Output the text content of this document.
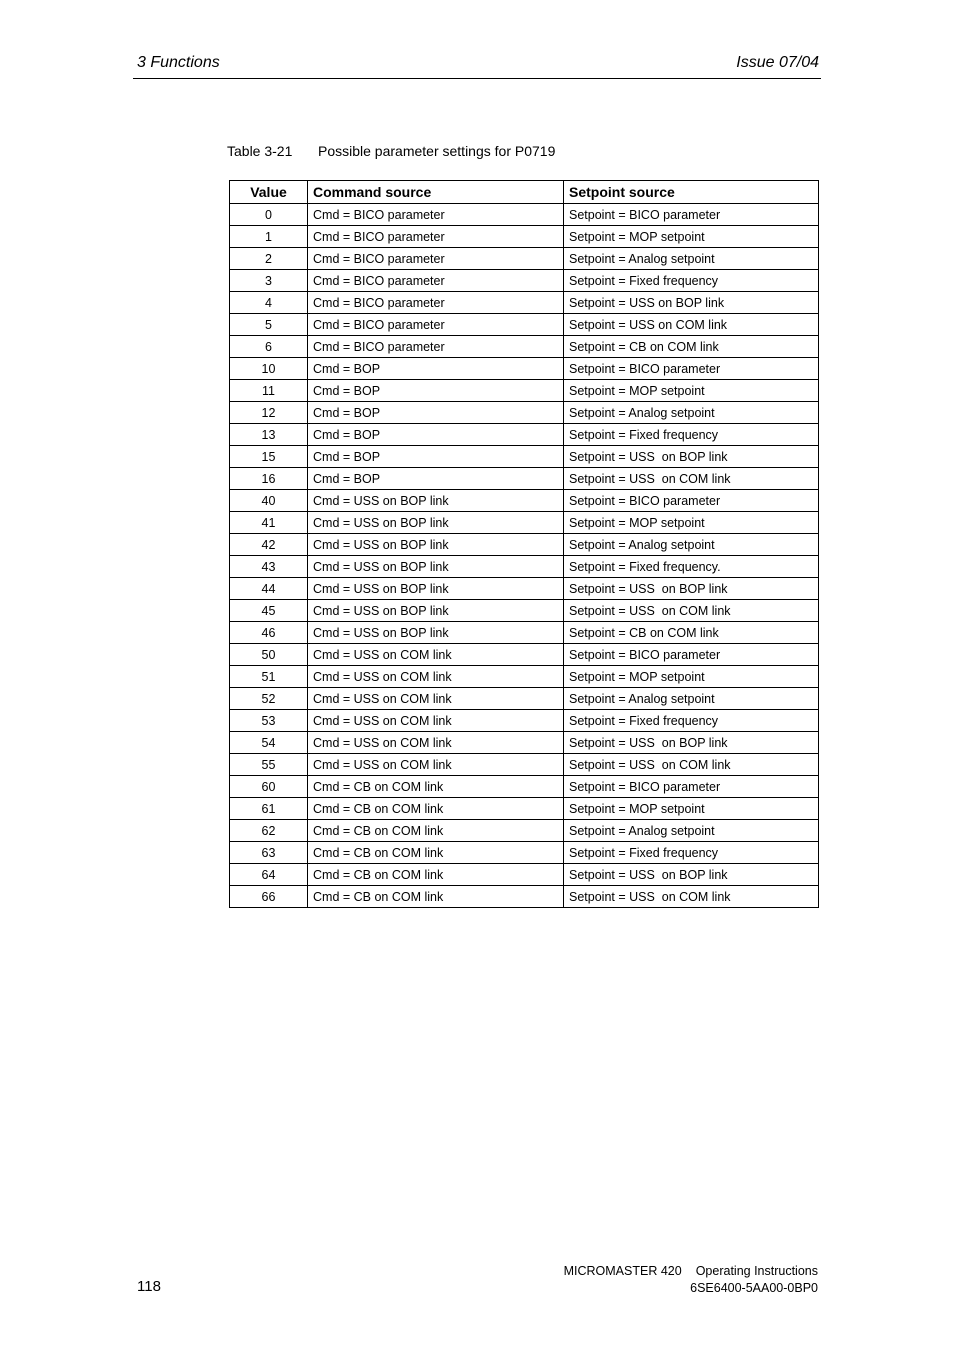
3 Functions	Issue 07/04
Table 3-21 Possible parameter settings for P0719
Value	Command source	Setpoint source
0	Cmd = BICO parameter	Setpoint = BICO parameter
1	Cmd = BICO parameter	Setpoint = MOP setpoint
2	Cmd = BICO parameter	Setpoint = Analog setpoint
3	Cmd = BICO parameter	Setpoint = Fixed frequency
4	Cmd = BICO parameter	Setpoint = USS on BOP link
5	Cmd = BICO parameter	Setpoint = USS on COM link
6	Cmd = BICO parameter	Setpoint = CB on COM link
10	Cmd = BOP	Setpoint = BICO parameter
11	Cmd = BOP	Setpoint = MOP setpoint
12	Cmd = BOP	Setpoint = Analog setpoint
13	Cmd = BOP	Setpoint = Fixed frequency
15	Cmd = BOP	Setpoint = USS  on BOP link
16	Cmd = BOP	Setpoint = USS  on COM link
40	Cmd = USS on BOP link	Setpoint = BICO parameter
41	Cmd = USS on BOP link	Setpoint = MOP setpoint
42	Cmd = USS on BOP link	Setpoint = Analog setpoint
43	Cmd = USS on BOP link	Setpoint = Fixed frequency.
44	Cmd = USS on BOP link	Setpoint = USS  on BOP link
45	Cmd = USS on BOP link	Setpoint = USS  on COM link
46	Cmd = USS on BOP link	Setpoint = CB on COM link
50	Cmd = USS on COM link	Setpoint = BICO parameter
51	Cmd = USS on COM link	Setpoint = MOP setpoint
52	Cmd = USS on COM link	Setpoint = Analog setpoint
53	Cmd = USS on COM link	Setpoint = Fixed frequency
54	Cmd = USS on COM link	Setpoint = USS  on BOP link
55	Cmd = USS on COM link	Setpoint = USS  on COM link
60	Cmd = CB on COM link	Setpoint = BICO parameter
61	Cmd = CB on COM link	Setpoint = MOP setpoint
62	Cmd = CB on COM link	Setpoint = Analog setpoint
63	Cmd = CB on COM link	Setpoint = Fixed frequency
64	Cmd = CB on COM link	Setpoint = USS  on BOP link
66	Cmd = CB on COM link	Setpoint = USS  on COM link
118
MICROMASTER 420 Operating Instructions
6SE6400-5AA00-0BP0
